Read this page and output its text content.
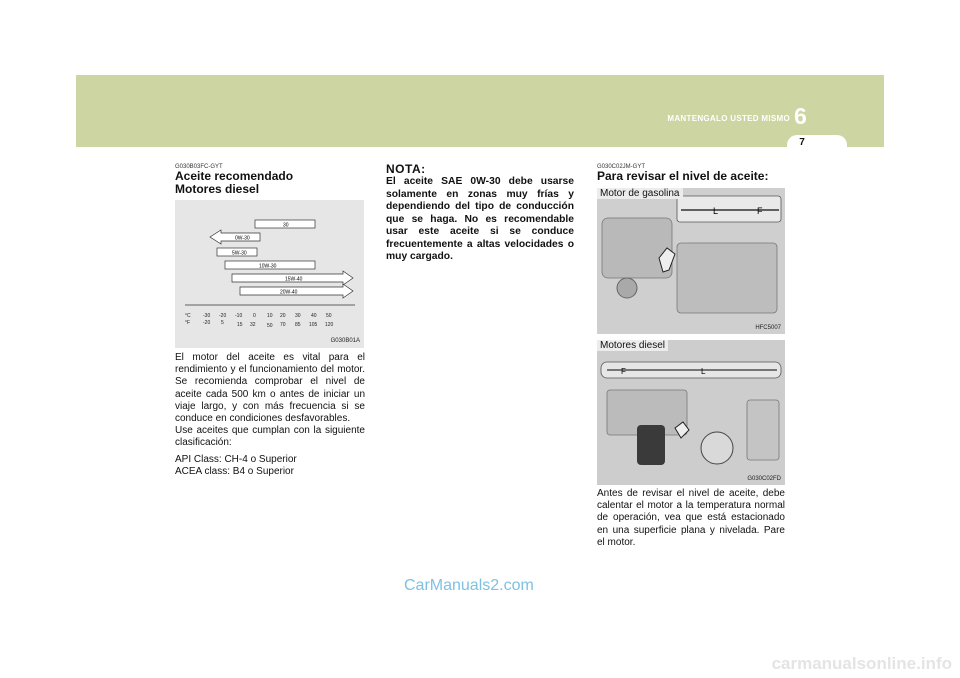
MANTENGALO USTED MISMO 6
7
G030B03FC-GYT

Aceite recomendado

Motores diesel

30
0W-30
5W-30
10W-30
15W-40
20W-40
°C
°F
-30 -20 -10 0 10 20 30 40 50
-20 5	15 32 50 70 85 105 120
G030B01A

El motor del aceite es vital para el rendimiento y el funcionamiento del motor. Se recomienda comprobar el nivel de aceite cada 500 km o antes de iniciar un viaje largo, y con más frecuencia si se conduce en condiciones desfavorables.

Use aceites que cumplan con la siguiente clasificación:

API Class: CH-4 o Superior

ACEA class: B4 o Superior

NOTA:

El aceite SAE 0W-30 debe usarse solamente en zonas muy frías y dependiendo del tipo de conducción que se haga. No es recomendable usar este aceite si se conduce frecuentemente a altas velocidades o muy cargado.

G030C02JM-GYT

Para revisar el nivel de aceite:

L	F
Motor de gasolina
HFC5007
F	L
Motores diesel
G030C02FD

Antes de revisar el nivel de aceite, debe calentar el motor a la temperatura normal de operación, vea que está estacionado en una superficie plana y nivelada. Pare el motor.

CarManuals2.com
carmanualsonline.info
